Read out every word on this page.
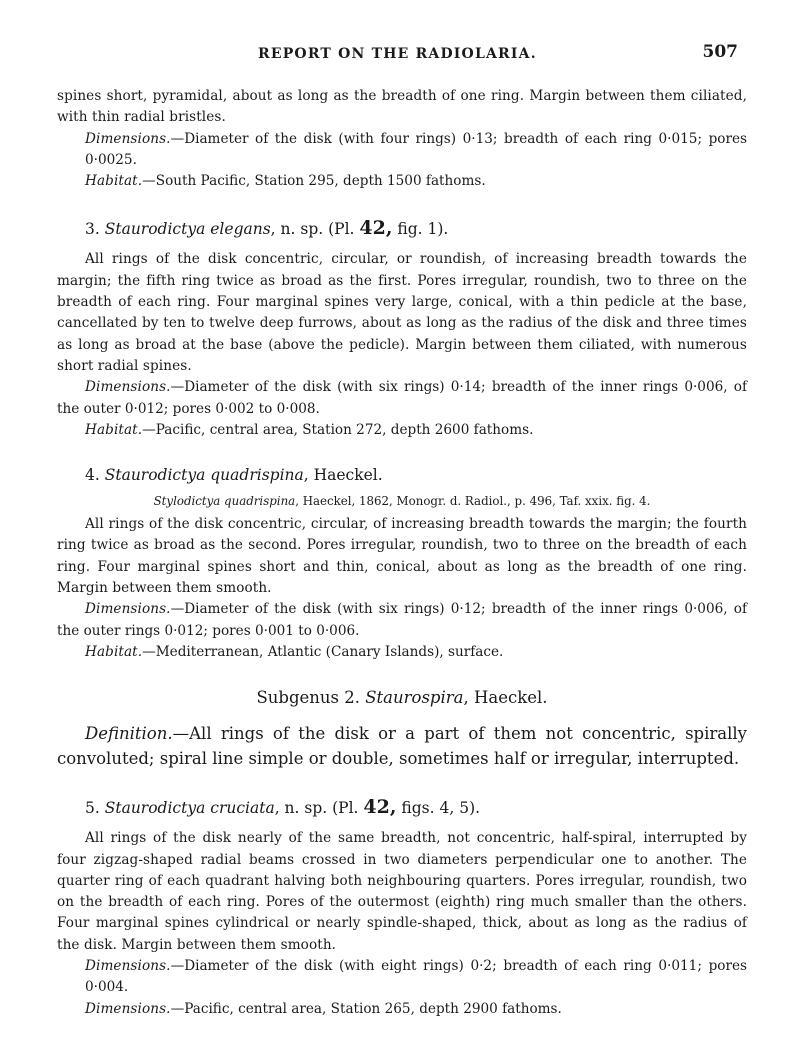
REPORT ON THE RADIOLARIA.	507

spines short, pyramidal, about as long as the breadth of one ring. Margin between them ciliated, with thin radial bristles.

Dimensions.—Diameter of the disk (with four rings) 0·13; breadth of each ring 0·015; pores 0·0025.

Habitat.—South Pacific, Station 295, depth 1500 fathoms.

3. Staurodictya elegans, n. sp. (Pl. 42, fig. 1).

All rings of the disk concentric, circular, or roundish, of increasing breadth towards the margin; the fifth ring twice as broad as the first. Pores irregular, roundish, two to three on the breadth of each ring. Four marginal spines very large, conical, with a thin pedicle at the base, cancellated by ten to twelve deep furrows, about as long as the radius of the disk and three times as long as broad at the base (above the pedicle). Margin between them ciliated, with numerous short radial spines.

Dimensions.—Diameter of the disk (with six rings) 0·14; breadth of the inner rings 0·006, of the outer 0·012; pores 0·002 to 0·008.

Habitat.—Pacific, central area, Station 272, depth 2600 fathoms.

4. Staurodictya quadrispina, Haeckel.

Stylodictya quadrispina, Haeckel, 1862, Monogr. d. Radiol., p. 496, Taf. xxix. fig. 4.

All rings of the disk concentric, circular, of increasing breadth towards the margin; the fourth ring twice as broad as the second. Pores irregular, roundish, two to three on the breadth of each ring. Four marginal spines short and thin, conical, about as long as the breadth of one ring. Margin between them smooth.

Dimensions.—Diameter of the disk (with six rings) 0·12; breadth of the inner rings 0·006, of the outer rings 0·012; pores 0·001 to 0·006.

Habitat.—Mediterranean, Atlantic (Canary Islands), surface.

Subgenus 2. Staurospira, Haeckel.

Definition.—All rings of the disk or a part of them not concentric, spirally convoluted; spiral line simple or double, sometimes half or irregular, interrupted.

5. Staurodictya cruciata, n. sp. (Pl. 42, figs. 4, 5).

All rings of the disk nearly of the same breadth, not concentric, half-spiral, interrupted by four zigzag-shaped radial beams crossed in two diameters perpendicular one to another. The quarter ring of each quadrant halving both neighbouring quarters. Pores irregular, roundish, two on the breadth of each ring. Pores of the outermost (eighth) ring much smaller than the others. Four marginal spines cylindrical or nearly spindle-shaped, thick, about as long as the radius of the disk. Margin between them smooth.

Dimensions.—Diameter of the disk (with eight rings) 0·2; breadth of each ring 0·011; pores 0·004.

Dimensions.—Pacific, central area, Station 265, depth 2900 fathoms.
